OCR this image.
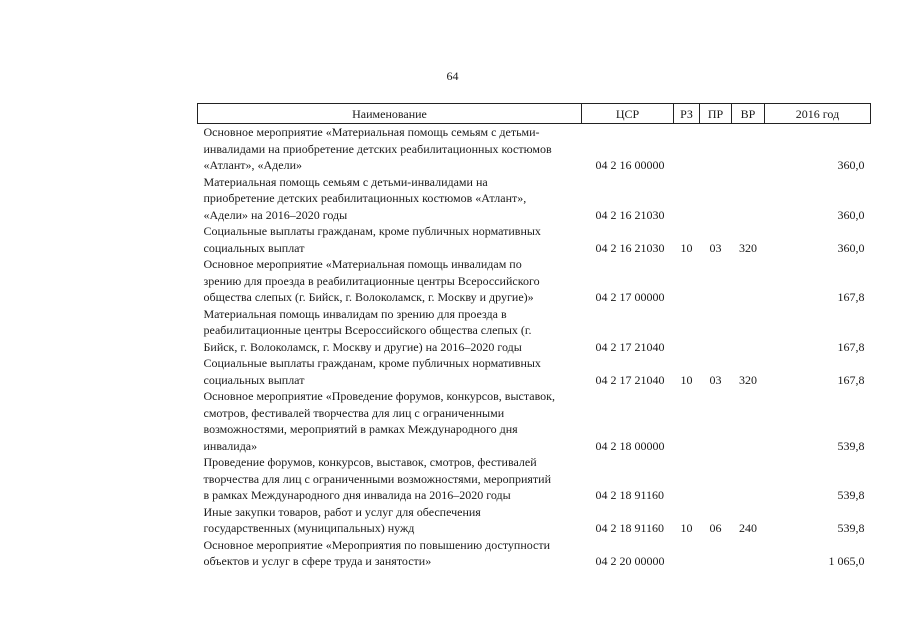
64
Наименование	ЦСР	РЗ	ПР	ВР	2016 год

Основное мероприятие «Материальная помощь семьям с детьми-
инвалидами на приобретение детских реабилитационных костюмов
«Атлант», «Адели»	04 2 16 00000				360,0

Материальная помощь семьям с детьми-инвалидами на
приобретение детских реабилитационных костюмов «Атлант»,
«Адели» на 2016–2020 годы	04 2 16 21030				360,0

Социальные выплаты гражданам, кроме публичных нормативных
социальных выплат	04 2 16 21030	10	03	320	360,0

Основное мероприятие «Материальная помощь инвалидам по
зрению для проезда в реабилитационные центры Всероссийского
общества слепых (г. Бийск, г. Волоколамск, г. Москву и другие)»	04 2 17 00000				167,8

Материальная помощь инвалидам по зрению для проезда в
реабилитационные центры Всероссийского общества слепых (г.
Бийск, г. Волоколамск, г. Москву и другие) на 2016–2020 годы	04 2 17 21040				167,8

Социальные выплаты гражданам, кроме публичных нормативных
социальных выплат	04 2 17 21040	10	03	320	167,8

Основное мероприятие «Проведение форумов, конкурсов, выставок,
смотров, фестивалей творчества для лиц с ограниченными
возможностями, мероприятий в рамках Международного дня
инвалида»	04 2 18 00000				539,8

Проведение форумов, конкурсов, выставок, смотров, фестивалей
творчества для лиц с ограниченными возможностями, мероприятий
в рамках Международного дня инвалида на 2016–2020 годы	04 2 18 91160				539,8

Иные закупки товаров, работ и услуг для обеспечения
государственных (муниципальных) нужд	04 2 18 91160	10	06	240	539,8

Основное мероприятие «Мероприятия по повышению доступности
объектов и услуг в сфере труда и занятости»	04 2 20 00000				1 065,0
